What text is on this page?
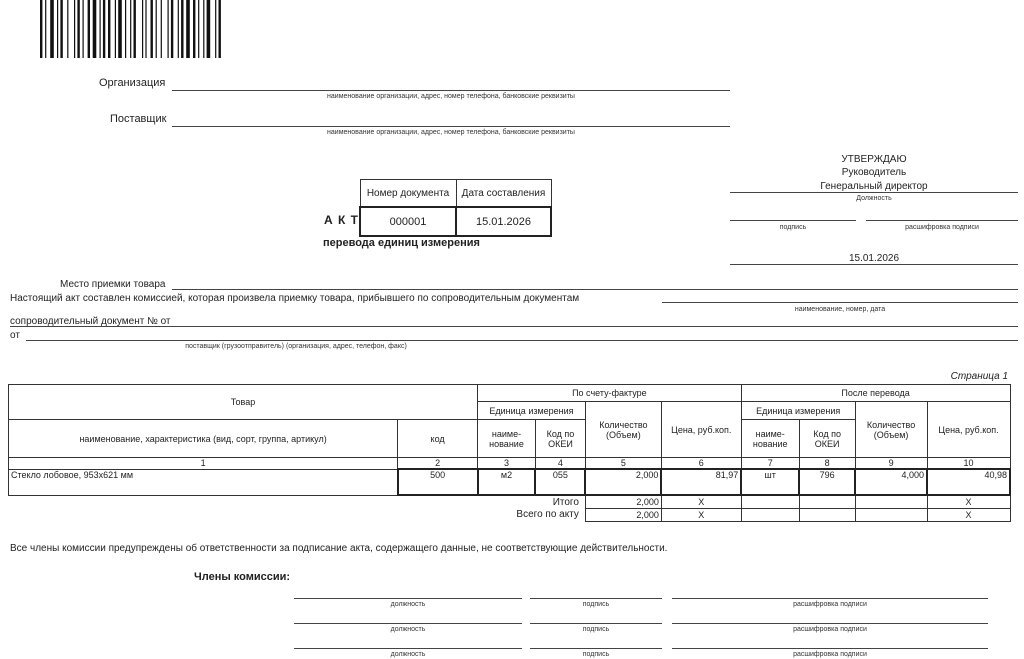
Организация
наименование организации, адрес, номер телефона, банковские реквизиты
Поставщик
наименование организации, адрес, номер телефона, банковские реквизиты
А К Т
Номер документа	Дата составления
000001	15.01.2026
перевода единиц измерения
УТВЕРЖДАЮ
Руководитель
Генеральный директор
Должность
подпись	расшифровка подписи
15.01.2026
Место приемки товара
Настоящий акт составлен комиссией, которая произвела приемку товара, прибывшего по сопроводительным документам
наименование, номер, дата
сопроводительный документ № от
от
поставщик (грузоотправитель) (организация, адрес, телефон, факс)
Страница 1
Товар		По счету-фактуре				После перевода			
		Единица измерения		Количество (Объем)	Цена, руб.коп.	Единица измерения		Количество (Объем)	Цена, руб.коп.
наименование, характеристика (вид, сорт, группа, артикул)	код	наиме-нование	Код по ОКЕИ			наиме-нование	Код по ОКЕИ		
1	2	3	4	5	6	7	8	9	10
Стекло лобовое, 953х621 мм	500	м2	055	2,000	81,97	шт	796	4,000	40,98
	Итого			2,000	X				X
	Всего по акту			2,000	X				X
Все члены комиссии предупреждены об ответственности за подписание акта, содержащего данные, не соответствующие действительности.
Члены комиссии:
должность	подпись	расшифровка подписи
должность	подпись	расшифровка подписи
должность	подпись	расшифровка подписи
